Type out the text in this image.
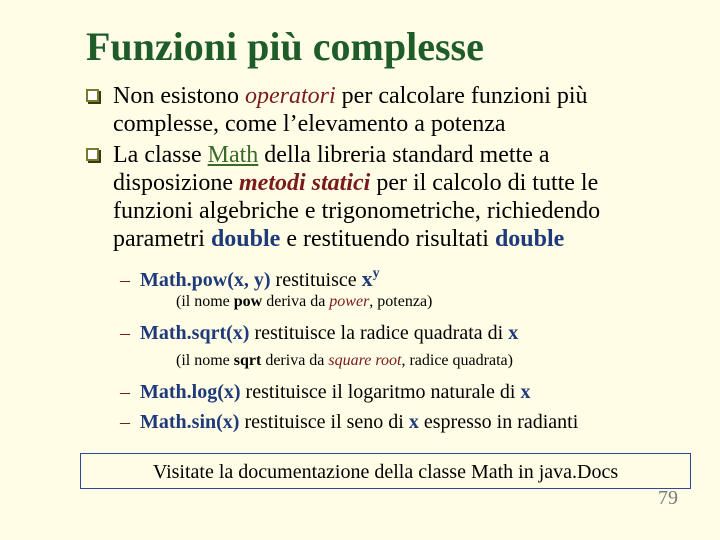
Funzioni più complesse
Non esistono operatori per calcolare funzioni più
complesse, come l’elevamento a potenza
La classe Math della libreria standard mette a
disposizione metodi statici per il calcolo di tutte le
funzioni algebriche e trigonometriche, richiedendo
parametri double e restituendo risultati double
– Math.pow(x, y) restituisce $x^y$
(il nome pow deriva da power, potenza)
– Math.sqrt(x) restituisce la radice quadrata di x
(il nome sqrt deriva da square root, radice quadrata)
– Math.log(x) restituisce il logaritmo naturale di x
– Math.sin(x) restituisce il seno di x espresso in radianti
Visitate la documentazione della classe Math in java.Docs
79
